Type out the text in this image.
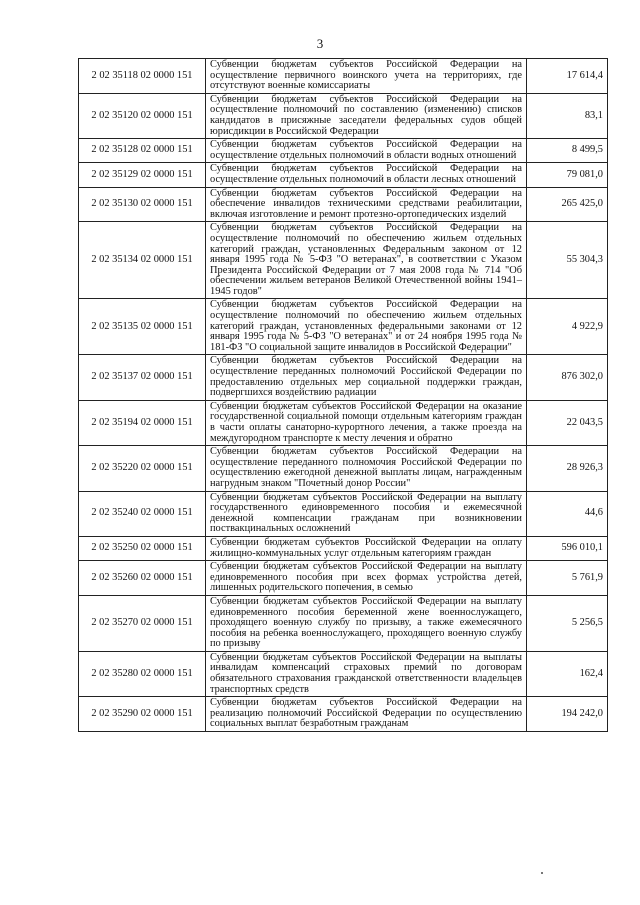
3
2 02 35118 02 0000 151	Субвенции бюджетам субъектов Российской Федерации на осуществление первичного воинского учета на территориях, где отсутствуют военные комиссариаты	17 614,4
2 02 35120 02 0000 151	Субвенции бюджетам субъектов Российской Федерации на осуществление полномочий по составлению (изменению) списков кандидатов в присяжные заседатели федеральных судов общей юрисдикции в Российской Федерации	83,1
2 02 35128 02 0000 151	Субвенции бюджетам субъектов Российской Федерации на осуществление отдельных полномочий в области водных отношений	8 499,5
2 02 35129 02 0000 151	Субвенции бюджетам субъектов Российской Федерации на осуществление отдельных полномочий в области лесных отношений	79 081,0
2 02 35130 02 0000 151	Субвенции бюджетам субъектов Российской Федерации на обеспечение инвалидов техническими средствами реабилитации, включая изготовление и ремонт протезно-ортопедических изделий	265 425,0
2 02 35134 02 0000 151	Субвенции бюджетам субъектов Российской Федерации на осуществление полномочий по обеспечению жильем отдельных категорий граждан, установленных Федеральным законом от 12 января 1995 года № 5-ФЗ "О ветеранах", в соответствии с Указом Президента Российской Федерации от 7 мая 2008 года № 714 "Об обеспечении жильем ветеранов Великой Отечественной войны 1941–1945 годов"	55 304,3
2 02 35135 02 0000 151	Субвенции бюджетам субъектов Российской Федерации на осуществление полномочий по обеспечению жильем отдельных категорий граждан, установленных федеральными законами от 12 января 1995 года № 5-ФЗ "О ветеранах" и от 24 ноября 1995 года № 181-ФЗ "О социальной защите инвалидов в Российской Федерации"	4 922,9
2 02 35137 02 0000 151	Субвенции бюджетам субъектов Российской Федерации на осуществление переданных полномочий Российской Федерации по предоставлению отдельных мер социальной поддержки граждан, подвергшихся воздействию радиации	876 302,0
2 02 35194 02 0000 151	Субвенции бюджетам субъектов Российской Федерации на оказание государственной социальной помощи отдельным категориям граждан в части оплаты санаторно-курортного лечения, а также проезда на междугородном транспорте к месту лечения и обратно	22 043,5
2 02 35220 02 0000 151	Субвенции бюджетам субъектов Российской Федерации на осуществление переданного полномочия Российской Федерации по осуществлению ежегодной денежной выплаты лицам, награжденным нагрудным знаком "Почетный донор России"	28 926,3
2 02 35240 02 0000 151	Субвенции бюджетам субъектов Российской Федерации на выплату государственного единовременного пособия и ежемесячной денежной компенсации гражданам при возникновении поствакцинальных осложнений	44,6
2 02 35250 02 0000 151	Субвенции бюджетам субъектов Российской Федерации на оплату жилищно-коммунальных услуг отдельным категориям граждан	596 010,1
2 02 35260 02 0000 151	Субвенции бюджетам субъектов Российской Федерации на выплату единовременного пособия при всех формах устройства детей, лишенных родительского попечения, в семью	5 761,9
2 02 35270 02 0000 151	Субвенции бюджетам субъектов Российской Федерации на выплату единовременного пособия беременной жене военнослужащего, проходящего военную службу по призыву, а также ежемесячного пособия на ребенка военнослужащего, проходящего военную службу по призыву	5 256,5
2 02 35280 02 0000 151	Субвенции бюджетам субъектов Российской Федерации на выплаты инвалидам компенсаций страховых премий по договорам обязательного страхования гражданской ответственности владельцев транспортных средств	162,4
2 02 35290 02 0000 151	Субвенции бюджетам субъектов Российской Федерации на реализацию полномочий Российской Федерации по осуществлению социальных выплат безработным гражданам	194 242,0
